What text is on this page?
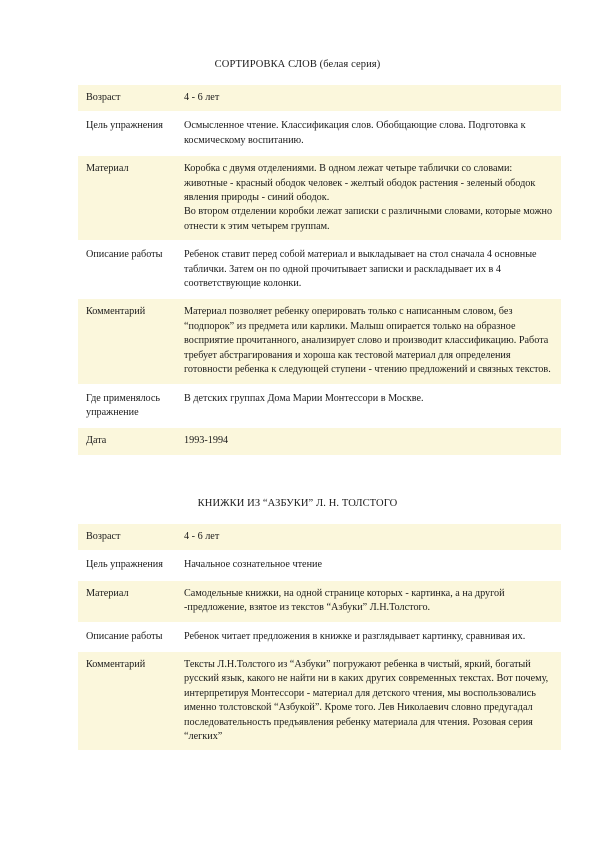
СОРТИРОВКА СЛОВ (белая серия)
Возраст	4 - 6 лет

Цель упражнения	Осмысленное чтение. Классификация слов. Обобщающие слова. Подготовка к космическому воспитанию.

Материал	Коробка с двумя отделениями. В одном лежат четыре таблички со словами:
животные - красный ободок человек - желтый ободок растения - зеленый ободок явления природы - синий ободок.
Во втором отделении коробки лежат записки с различными словами, которые можно отнести к этим четырем группам.

Описание работы	Ребенок ставит перед собой материал и выкладывает на стол сначала 4 основные таблички. Затем он по одной прочитывает записки и раскладывает их в 4 соответствующие колонки.

Комментарий	Материал позволяет ребенку оперировать только с написанным словом, без “подпорок” из предмета или карлики. Малыш опирается только на образное восприятие прочитанного, анализирует слово и производит классификацию. Работа требует абстрагирования и хороша как тестовой материал для определения готовности ребенка к следующей ступени - чтению предложений и связных текстов.

Где применялось упражнение	В детских группах Дома Марии Монтессори в Москве.

Дата	1993-1994
КНИЖКИ ИЗ “АЗБУКИ” Л. Н. ТОЛСТОГО
Возраст	4 - 6 лет

Цель упражнения	Начальное сознательное чтение

Материал	Самодельные книжки, на одной странице которых - картинка, а на другой -предложение, взятое из текстов “Азбуки” Л.Н.Толстого.

Описание работы	Ребенок читает предложения в книжке и разглядывает картинку, сравнивая их.

Комментарий	Тексты Л.Н.Толстого из “Азбуки” погружают ребенка в чистый, яркий, богатый русский язык, какого не найти ни в каких других современных текстах. Вот почему, интерпретируя Монтессори - материал для детского чтения, мы воспользовались именно толстовской “Азбукой”. Кроме того. Лев Николаевич словно предугадал последовательность предъявления ребенку материала для чтения. Розовая серия “легких”
